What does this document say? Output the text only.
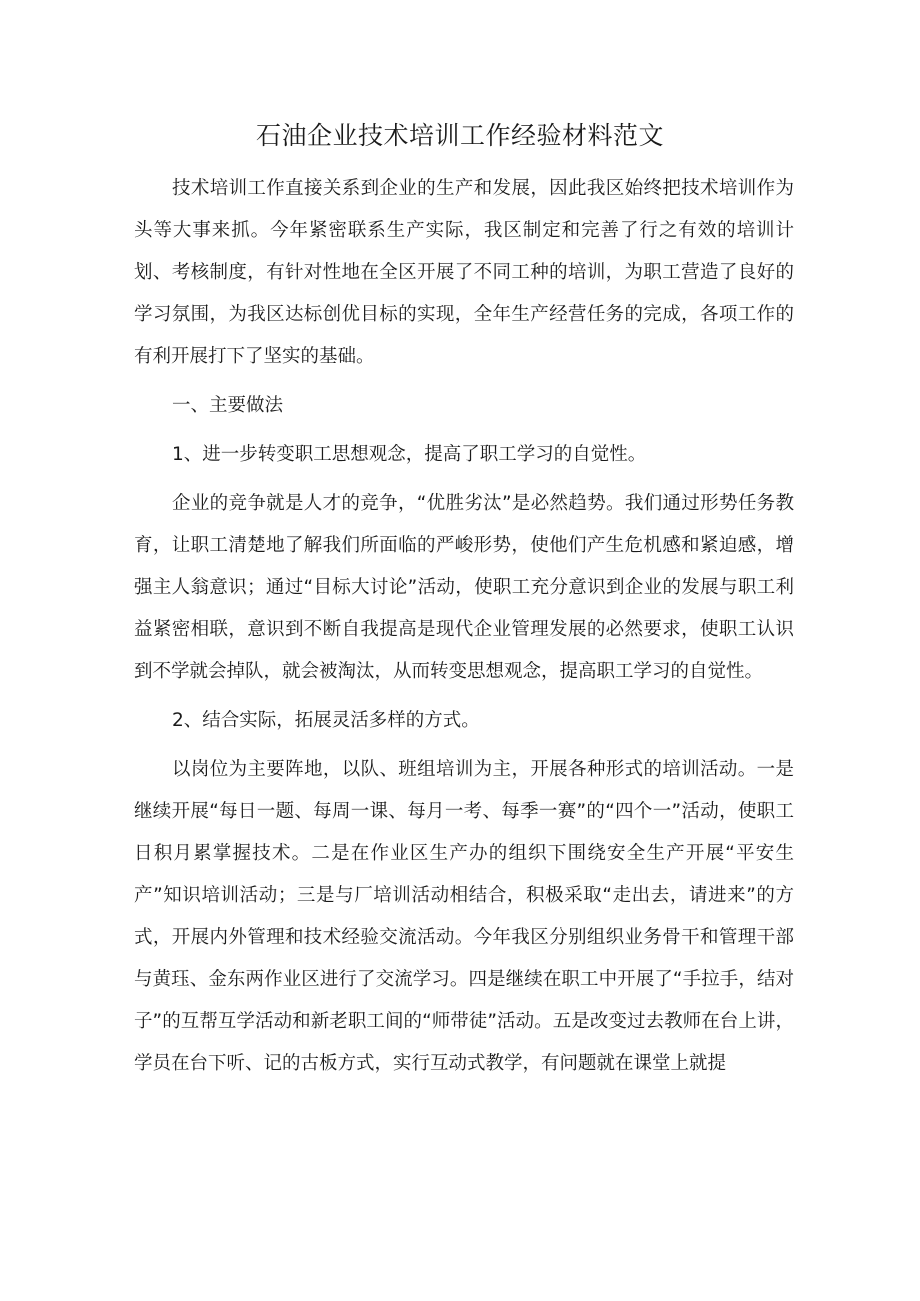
石油企业技术培训工作经验材料范文

技术培训工作直接关系到企业的生产和发展，因此我区始终把技术培训作为头等大事来抓。今年紧密联系生产实际，我区制定和完善了行之有效的培训计划、考核制度，有针对性地在全区开展了不同工种的培训，为职工营造了良好的学习氛围，为我区达标创优目标的实现，全年生产经营任务的完成，各项工作的有利开展打下了坚实的基础。

一、主要做法

1、进一步转变职工思想观念，提高了职工学习的自觉性。

企业的竞争就是人才的竞争，“优胜劣汰”是必然趋势。我们通过形势任务教育，让职工清楚地了解我们所面临的严峻形势，使他们产生危机感和紧迫感，增强主人翁意识；通过“目标大讨论”活动，使职工充分意识到企业的发展与职工利益紧密相联，意识到不断自我提高是现代企业管理发展的必然要求，使职工认识到不学就会掉队，就会被淘汰，从而转变思想观念，提高职工学习的自觉性。

2、结合实际，拓展灵活多样的方式。

以岗位为主要阵地，以队、班组培训为主，开展各种形式的培训活动。一是继续开展“每日一题、每周一课、每月一考、每季一赛”的“四个一”活动，使职工日积月累掌握技术。二是在作业区生产办的组织下围绕安全生产开展“平安生产”知识培训活动；三是与厂培训活动相结合，积极采取“走出去，请进来”的方式，开展内外管理和技术经验交流活动。今年我区分别组织业务骨干和管理干部与黄珏、金东两作业区进行了交流学习。四是继续在职工中开展了“手拉手，结对子”的互帮互学活动和新老职工间的“师带徒”活动。五是改变过去教师在台上讲，学员在台下听、记的古板方式，实行互动式教学，有问题就在课堂上就提
